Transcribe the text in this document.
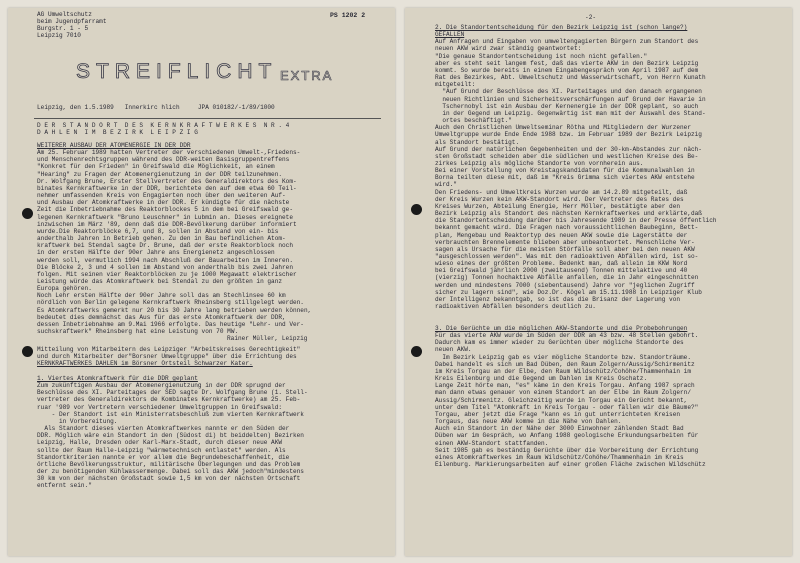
PS 1202 2
AG Umweltschutz
beim Jugendpfarramt
Burgstr. 1 - 5
Leipzig 7010
STREIFLICHT EXTRA
Leipzig, den 1.5.1989   Innerkirc hlich     JPA 010182/-1/89/1000
D E R  S T A N D O R T  D E S  K E R N K R A F T W E R K E S  N R . 4
D A H L E N  I M  B E Z I R K  L E I P Z I G
WEITERER AUSBAU DER ATOMENERGIE IN DER DDR
Am 25. Februar 1989 hatten Vertreter der verschiedenen Umwelt-,Friedens-
und Menschenrechtsgruppen während des DDR-weiten Basisgruppentreffens
"Konkret für den Frieden" in Greifswald die Möglichkeit, an einem
"Hearing" zu Fragen der Atomenergienutzung in der DDR teilzunehmen.
Dr. Wolfgang Brune, Erster Stellvertreter des Generaldirektors des Kom-
binates Kernkraftwerke in der DDR, berichtete den auf dem etwa 60 Teil-
nehmer umfassenden Kreis von Engagierten noch über den weiteren Auf-
und Ausbau der Atomkraftwerke in der DDR. Er kündigte für die nächste
Zeit die Inbetriebnahme des Reaktorblockes 5 in dem bei Greifswald ge-
legenen Kernkraftwerk "Bruno Leuschner" in Lubmin an. Dieses ereignete
inzwischen im März '89, denn daß die DDR-Bevölkerung darüber informiert
wurde.Die Reaktorblöcke 6,7, und 8, sollen in Abstand von ein- bis
anderthalb Jahren in Betrieb gehen. Zu den in Bau befindlichen Atom-
kraftwerk bei Stendal sagte Dr. Brune, daß der erste Reaktorblock noch
in der ersten Hälfte der 90er Jahre ans Energienetz angeschlossen
werden soll, vermutlich 1994 nach Abschluß der Bauarbeiten im Inneren.
Die Blöcke 2, 3 und 4 sollen im Abstand von anderthalb bis zwei Jahren
folgen. Mit seinen vier Reaktorblöcken zu je 1000 Megawatt elektrischer
Leistung würde das Atomkraftwerk bei Stendal zu den größten in ganz
Europa gehören.
Noch Lehr ersten Hälfte der 90er Jahre soll das am Stechlinsee 60 km
nördlich von Berlin gelegene Kernkraftwerk Rheinsberg stillgelegt werden.
Es Atomkraftwerks gemerkt nur 20 bis 30 Jahre lang betrieben werden können,
bedeutet dies demnächst das Aus für das erste Atomkraftwerk der DDR,
dessen Inbetriebnahme am 9.Mai 1966 erfolgte. Das heutige "Lehr- und Ver-
suchskraftwerk" Rheinsberg hat eine Leistung von 70 MW.
Rainer Müller, Leipzig
Mitteilung von Mitarbeitern des Leipziger "Arbeitskreises Gerechtigkeit"
und durch Mitarbeiter der"Borsner Umweltgruppe" über die Errichtung des
KERNKRAFTWERKES DAHLEN im Börsner Ortsteil Schwarzer Kater.
1. Viertes Atomkraftwerk für die DDR geplant
Zum zukünftigen Ausbau der Atomenergienutzung in der DDR sprugnd der
Beschlüsse des XI. Parteitages der SED sagte Dr. Wolfgang Brune (1. Stell-
vertreter des Generaldirektors de Kombinates Kernkraftwerke) am 25. Feb-
ruar '989 vor Vertretern verschiedener Umweltgruppen in Greifswald:
- Der Standort ist ein Ministerratsbeschluß zum vierten Kernkraftwerk
in Vorbereitung.
Als Standort dieses vierten Atomkraftwerkes nannte er den Süden der
DDR. Möglich wäre ein Standort in den (Südost di) bt beiddelten) Bezirken
Leipzig, Halle, Dresden oder Karl-Marx-Stadt, durch dieser neue AKW
sollte der Raum Halle-Leipzig "wärmetechnisch entlastet" werden. Als
Standortkriterien nannte er vor allem die Begrundebeschaffenheit, die
örtliche Bevölkerungsstruktur, militärische Überlegungen und das Problem
der zu benötigenden Kühlwassermenge. Dabei soll das AKW jedoch"mindestens
30 km von der nächsten Großstadt sowie 1,5 km von der nächsten Ortschaft
entfernt sein."
-2-
2. Die Standortentscheidung für den Bezirk Leipzig ist (schon lange?)
GEFALLEN
Auf Anfragen und Eingaben von umweltengagierten Bürgern zum Standort des
neuen AKW wird zwar ständig geantwortet:
"Die genaue Standortentscheidung ist noch nicht gefallen."
aber es steht seit langem fest, daß das vierte AKW in den Bezirk Leipzig
kommt. So wurde bereits in einem Eingabengespräch vom April 1987 auf dem
Rat des Bezirkes, Abt. Umweltschutz und Wasserwirtschaft, von Herrn Kunath
mitgeteilt:
"Auf Grund der Beschlüsse des XI. Parteitages und den danach ergangenen
neuen Richtlinien und Sicherheitsverschärfungen auf Grund der Havarie in
Tschernobyl ist ein Ausbau der Kernenergie in der DDR geplant, so auch
in der Gegend um Leipzig. Gegenwärtig ist man mit der Auswahl des Stand-
ortes beschäftigt."
Auch den Christlichen Umweltseminar Rötha und Mitgliedern der Wurzener
Umweltgruppe wurde Ende Ende 1988 bzw. im Februar 1989 der Bezirk Leipzig
als Standort bestätigt.
Auf Grund der natürlichen Gegebenheiten und der 30-km-Abstandes zur näch-
sten Großstadt scheiden aber die südlichen und westlichen Kreise des Be-
zirkes Leipzig als mögliche Standorte von vornherein aus.
Bei einer Vorstellung von Kreistagskandidaten für die Kommunalwahlen in
Borna teilten diese mit, daß im "Kreis Grimma sich viertes AKW entstehe
wird."
Den Friedens- und Umweltkreis Wurzen wurde am 14.2.89 mitgeteilt, daß
der Kreis Wurzen kein AKW-Standort wird. Der Vertreter des Rates des
Kreises Wurzen, Abteilung Energie, Herr Möller, bestätigte aber den
Bezirk Leipzig als Standort des nächsten Kernkraftwerkes und erklärte,daß
die Standortentscheidung darüber bis Jahresende 1989 in der Presse öffentlich
bekannt gemacht wird. Die Fragen nach voraussichtlichen Baubeginn, Bett-
plan, Mengebau und Reaktortyp des neuen AKW sowie die Lagerstätte der
verbrauchten Brennelemente blieben aber unbeantwortet. Menschliche Ver-
sagen als Ursache für die meisten Störfälle soll aber bei den neuen AKW
"ausgeschlossen werden". Was mit den radioaktiven Abfällen wird, ist so-
wieso eines der größten Probleme. Bedenkt man, daß allein im KKW Nord
bei Greifswald jährlich 2000 (zweitausend) Tonnen mittelaktive und 40
(vierzig) Tonnen hochaktive Abfälle anfallen, die in Jahr eingeschnitten
werden und mindestens 7000 (siebentausend) Jahre vor "jeglichen Zugriff
sicher zu lagern sind", wie Doz.Dr. Kögel am 15.11.1988 in Leipziger Klub
der Intelligenz bekanntgab, so ist das die Brisanz der Lagerung von
radioaktiven Abfällen besonders deutlich zu.
3. Die Gerüchte um die möglichen AKW-Standorte und die Probebohrungen
Für das vierte AKW wurde im Süden der DDR am 43 bzw. 48 Stellen gebohrt.
Dadurch kam es immer wieder zu Gerüchten über mögliche Standorte des
neuen AKW.
Im Bezirk Leipzig gab es vier mögliche Standorte bzw. Standorträume.
Dabei handelt es sich um Bad Düben, den Raum Zolgern/Aussig/Schirmenitz
im Kreis Torgau an der Elbe, den Raum Wildschütz/Cohöhe/Thammenhain im
Kreis Eilenburg und die Gegend um Dahlen im Kreis Oschatz.
Lange Zeit hörte man, "es" käme in den Kreis Torgau. Anfang 1987 sprach
man dann etwas genauer von einem Standort an der Elbe im Raum Zolgern/
Aussig/Schirmenitz. Gleichzeitig wurde in Torgau ein Gerücht bekannt,
unter dem Titel "Atomkraft in Kreis Torgau - oder fällen wir die Bäume?"
Torgau, aber jetzt die Frage "kann es in gut unterrichteten Kreisen
Torgaus, das neue AKW komme in die Nähe von Dahlen.
Auch ein Standort in der Nähe der 3000 Einwohner zählenden Stadt Bad
Düben war im Gespräch, wo Anfang 1988 geologische Erkundungsarbeiten für
einen AKW-Standort stattfanden.
Seit 1985 gab es beständig Gerüchte über die Vorbereitung der Errichtung
eines Atomkraftwerkes im Raum Wildschütz/Cohöhe/Thammenhain im Kreis
Eilenburg. Markierungsarbeiten auf einer großen Fläche zwischen Wildschütz
